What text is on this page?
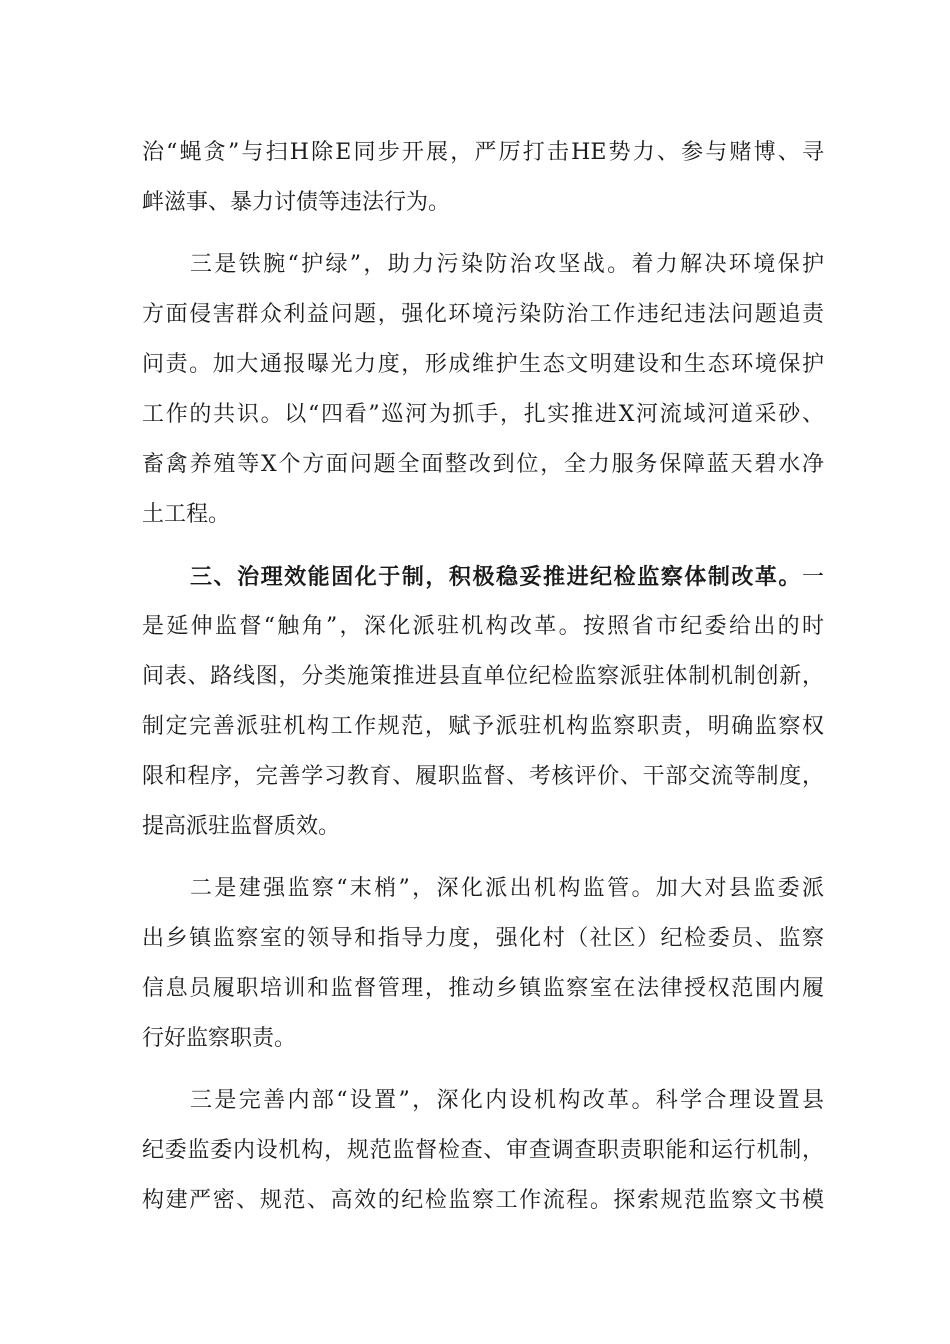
治“蝇贪”与扫H除E同步开展，严厉打击HE势力、参与赌博、寻
衅滋事、暴力讨债等违法行为。
三是铁腕“护绿”，助力污染防治攻坚战。着力解决环境保护
方面侵害群众利益问题，强化环境污染防治工作违纪违法问题追责
问责。加大通报曝光力度，形成维护生态文明建设和生态环境保护
工作的共识。以“四看”巡河为抓手，扎实推进X河流域河道采砂、
畜禽养殖等X个方面问题全面整改到位，全力服务保障蓝天碧水净
土工程。
三、治理效能固化于制，积极稳妥推进纪检监察体制改革。一
是延伸监督“触角”，深化派驻机构改革。按照省市纪委给出的时
间表、路线图，分类施策推进县直单位纪检监察派驻体制机制创新，
制定完善派驻机构工作规范，赋予派驻机构监察职责，明确监察权
限和程序，完善学习教育、履职监督、考核评价、干部交流等制度，
提高派驻监督质效。
二是建强监察“末梢”，深化派出机构监管。加大对县监委派
出乡镇监察室的领导和指导力度，强化村（社区）纪检委员、监察
信息员履职培训和监督管理，推动乡镇监察室在法律授权范围内履
行好监察职责。
三是完善内部“设置”，深化内设机构改革。科学合理设置县
纪委监委内设机构，规范监督检查、审查调查职责职能和运行机制，
构建严密、规范、高效的纪检监察工作流程。探索规范监察文书模
